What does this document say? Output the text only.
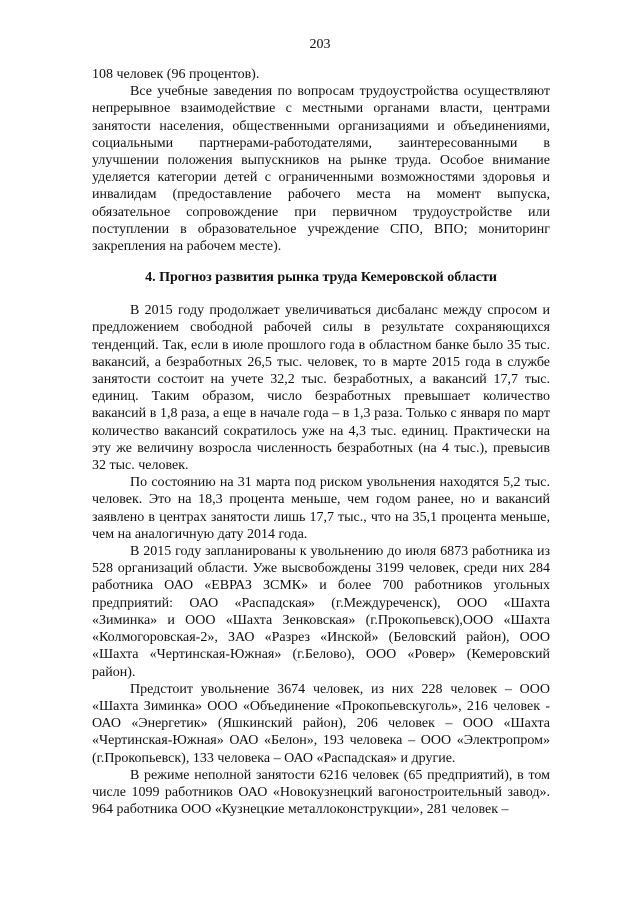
203

108 человек (96 процентов).

Все учебные заведения по вопросам трудоустройства осуществляют непрерывное взаимодействие с местными органами власти, центрами занятости населения, общественными организациями и объединениями, социальными партнерами-работодателями, заинтересованными в улучшении положения выпускников на рынке труда. Особое внимание уделяется категории детей с ограниченными возможностями здоровья и инвалидам (предоставление рабочего места на момент выпуска, обязательное сопровождение при первичном трудоустройстве или поступлении в образовательное учреждение СПО, ВПО; мониторинг закрепления на рабочем месте).

4. Прогноз развития рынка труда Кемеровской области

В 2015 году продолжает увеличиваться дисбаланс между спросом и предложением свободной рабочей силы в результате сохраняющихся тенденций. Так, если в июле прошлого года в областном банке было 35 тыс. вакансий, а безработных 26,5 тыс. человек, то в марте 2015 года в службе занятости состоит на учете 32,2 тыс. безработных, а вакансий 17,7 тыс. единиц. Таким образом, число безработных превышает количество вакансий в 1,8 раза, а еще в начале года – в 1,3 раза. Только с января по март количество вакансий сократилось уже на 4,3 тыс. единиц. Практически на эту же величину возросла численность безработных (на 4 тыс.), превысив 32 тыс. человек.

По состоянию на 31 марта под риском увольнения находятся 5,2 тыс. человек. Это на 18,3 процента меньше, чем годом ранее, но и вакансий заявлено в центрах занятости лишь 17,7 тыс., что на 35,1 процента меньше, чем на аналогичную дату 2014 года.

В 2015 году запланированы к увольнению до июля 6873 работника из 528 организаций области. Уже высвобождены 3199 человек, среди них 284 работника ОАО «ЕВРАЗ ЗСМК» и более 700 работников угольных предприятий: ОАО «Распадская» (г.Междуреченск), ООО «Шахта «Зиминка» и ООО «Шахта Зенковская» (г.Прокопьевск),ООО «Шахта «Колмогоровская-2», ЗАО «Разрез «Инской» (Беловский район), ООО «Шахта «Чертинская-Южная» (г.Белово), ООО «Ровер» (Кемеровский район).

Предстоит увольнение 3674 человек, из них 228 человек – ООО «Шахта Зиминка» ООО «Объединение «Прокопьевскуголь», 216 человек - ОАО «Энергетик» (Яшкинский район), 206 человек – ООО «Шахта «Чертинская-Южная» ОАО «Белон», 193 человека – ООО «Электропром» (г.Прокопьевск), 133 человека – ОАО «Распадская» и другие.

В режиме неполной занятости 6216 человек (65 предприятий), в том числе 1099 работников ОАО «Новокузнецкий вагоностроительный завод». 964 работника ООО «Кузнецкие металлоконструкции», 281 человек –
